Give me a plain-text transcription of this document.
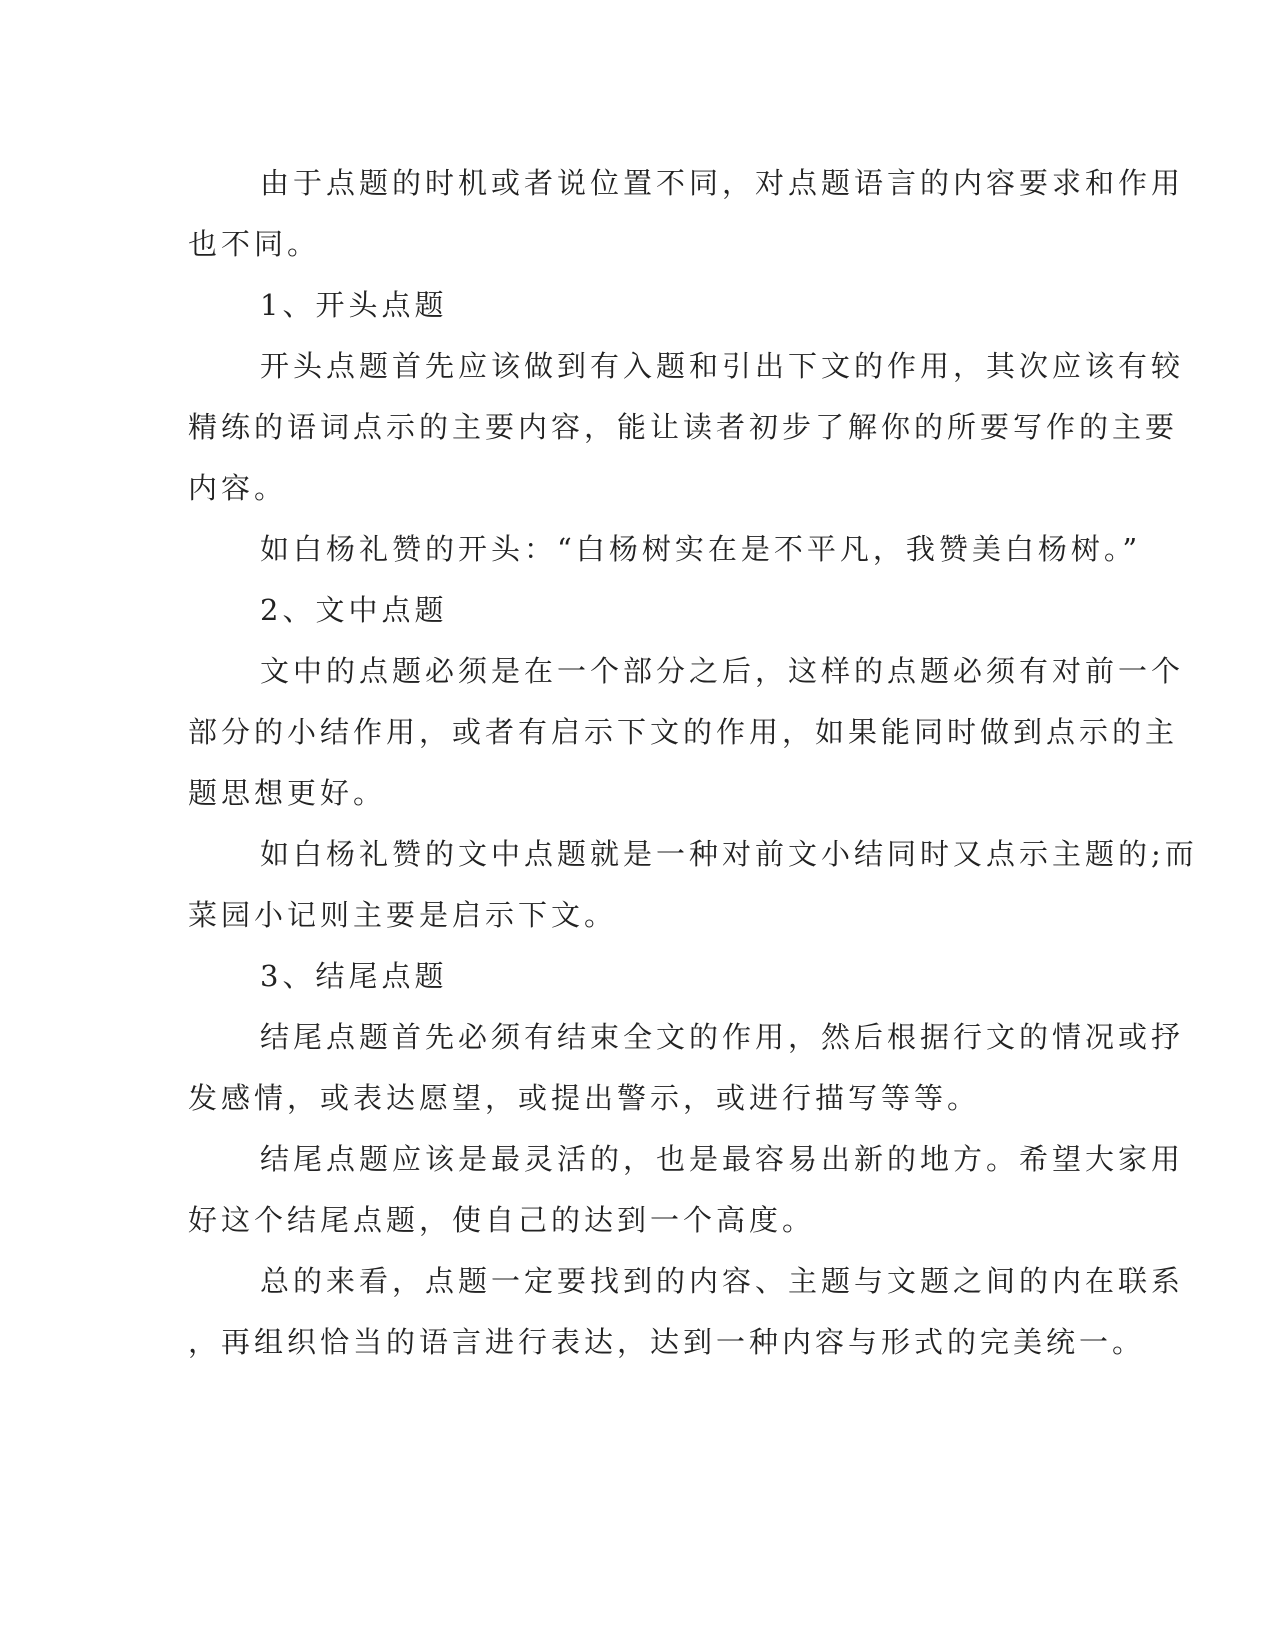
由于点题的时机或者说位置不同，对点题语言的内容要求和作用
也不同。
1、开头点题
开头点题首先应该做到有入题和引出下文的作用，其次应该有较
精练的语词点示的主要内容，能让读者初步了解你的所要写作的主要
内容。
如白杨礼赞的开头：“白杨树实在是不平凡，我赞美白杨树。”
2、文中点题
文中的点题必须是在一个部分之后，这样的点题必须有对前一个
部分的小结作用，或者有启示下文的作用，如果能同时做到点示的主
题思想更好。
如白杨礼赞的文中点题就是一种对前文小结同时又点示主题的;而
菜园小记则主要是启示下文。
3、结尾点题
结尾点题首先必须有结束全文的作用，然后根据行文的情况或抒
发感情，或表达愿望，或提出警示，或进行描写等等。
结尾点题应该是最灵活的，也是最容易出新的地方。希望大家用
好这个结尾点题，使自己的达到一个高度。
总的来看，点题一定要找到的内容、主题与文题之间的内在联系
，再组织恰当的语言进行表达，达到一种内容与形式的完美统一。
